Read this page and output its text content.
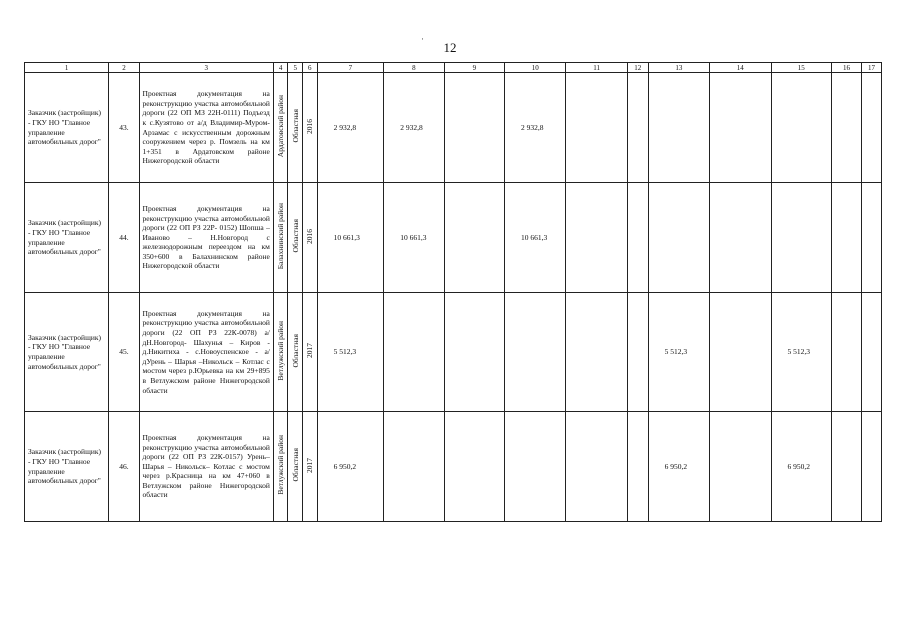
·
12
1	2	3	4	5	6	7	8	9	10	11	12	13	14	15	16	17
Заказчик (застройщик) - ГКУ НО "Главное управление автомобильных дорог"	43.	Проектная документация на реконструкцию участка автомобильной дороги (22 ОП МЗ 22Н-0111) Подъезд к с.Кузятово от а/д Владимир-Муром-Арзамас с искусственным дорожным сооружением через р. Помзель на км 1+351 в Ардатовском районе Нижегородской области	Ардатовский район	Областная	2016	2 932,8	2 932,8		2 932,8							
Заказчик (застройщик) - ГКУ НО "Главное управление автомобильных дорог"	44.	Проектная документация на реконструкцию участка автомобильной дороги (22 ОП РЗ 22Р- 0152) Шопша – Иваново – Н.Новгород с железнодорожным переездом на км 350+600 в Балахнинском районе Нижегородской области	Балахнинский район	Областная	2016	10 661,3	10 661,3		10 661,3							
Заказчик (застройщик) - ГКУ НО "Главное управление автомобильных дорог"	45.	Проектная документация на реконструкцию участка автомобильной дороги (22 ОП РЗ 22К-0078) а/дН.Новгород- Шахунья – Киров - д.Никитиха - с.Новоуспенское - а/дУрень – Шарья –Никольск – Котлас с мостом через р.Юрьевка на км 29+895 в Ветлужском районе Нижегородской области	Ветлужский район	Областная	2017	5 512,3						5 512,3		5 512,3		
Заказчик (застройщик) - ГКУ НО "Главное управление автомобильных дорог"	46.	Проектная документация на реконструкцию участка автомобильной дороги (22 ОП РЗ 22К-0157) Урень– Шарья – Никольск– Котлас с мостом через р.Красница на км 47+060 в Ветлужском районе Нижегородской области	Ветлужский район	Областная	2017	6 950,2						6 950,2		6 950,2		
